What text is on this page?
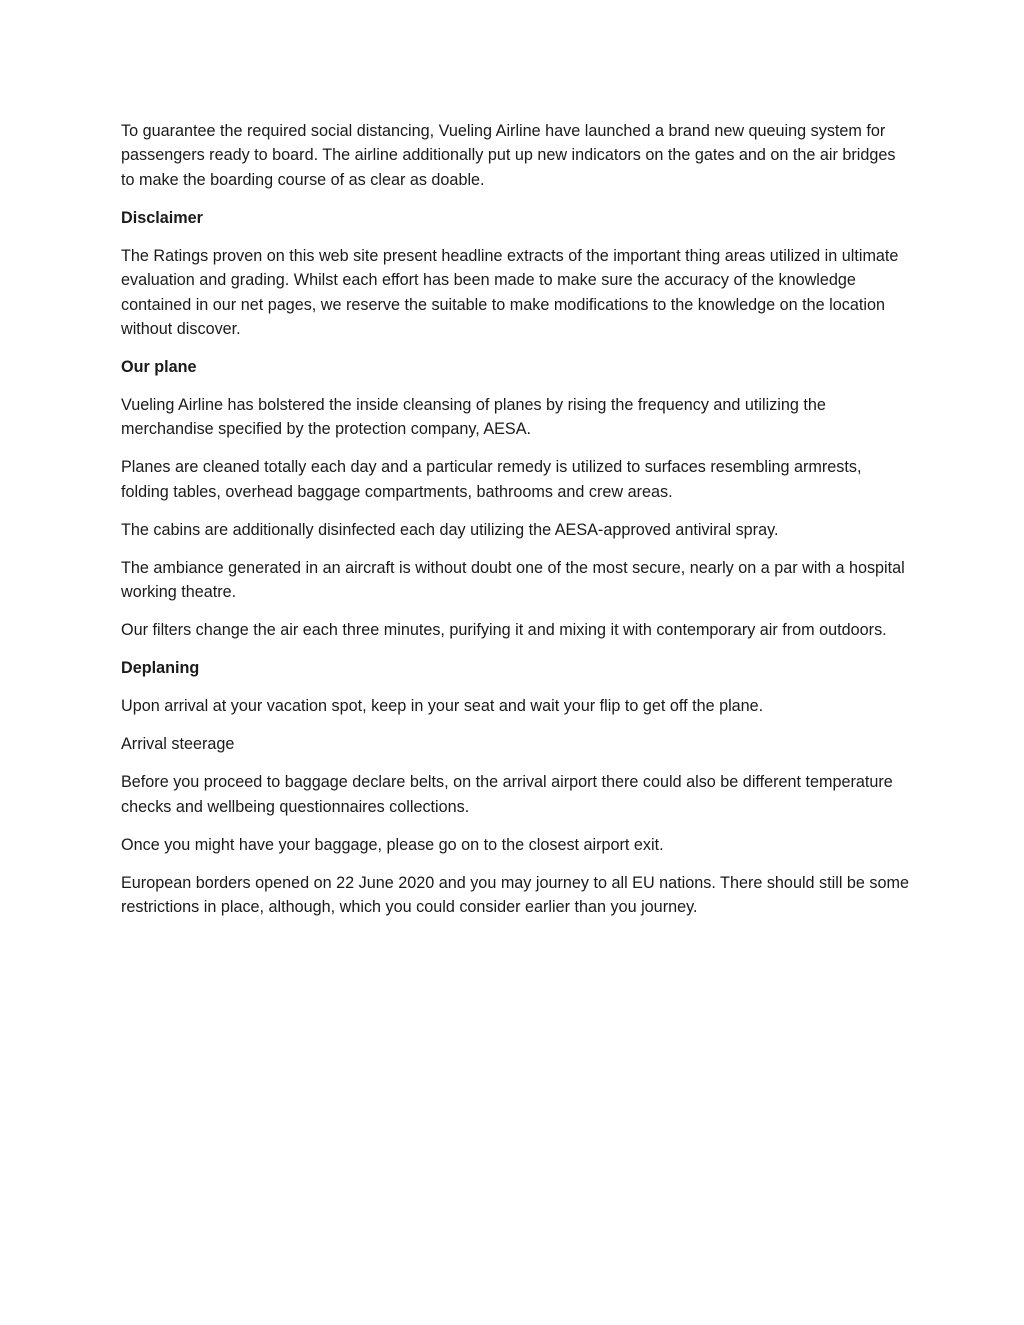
To guarantee the required social distancing, Vueling Airline have launched a brand new queuing system for passengers ready to board. The airline additionally put up new indicators on the gates and on the air bridges to make the boarding course of as clear as doable.

Disclaimer

The Ratings proven on this web site present headline extracts of the important thing areas utilized in ultimate evaluation and grading. Whilst each effort has been made to make sure the accuracy of the knowledge contained in our net pages, we reserve the suitable to make modifications to the knowledge on the location without discover.

Our plane

Vueling Airline has bolstered the inside cleansing of planes by rising the frequency and utilizing the merchandise specified by the protection company, AESA.

Planes are cleaned totally each day and a particular remedy is utilized to surfaces resembling armrests, folding tables, overhead baggage compartments, bathrooms and crew areas.

The cabins are additionally disinfected each day utilizing the AESA-approved antiviral spray.

The ambiance generated in an aircraft is without doubt one of the most secure, nearly on a par with a hospital working theatre.

Our filters change the air each three minutes, purifying it and mixing it with contemporary air from outdoors.

Deplaning

Upon arrival at your vacation spot, keep in your seat and wait your flip to get off the plane.

Arrival steerage

Before you proceed to baggage declare belts, on the arrival airport there could also be different temperature checks and wellbeing questionnaires collections.

Once you might have your baggage, please go on to the closest airport exit.

European borders opened on 22 June 2020 and you may journey to all EU nations. There should still be some restrictions in place, although, which you could consider earlier than you journey.
